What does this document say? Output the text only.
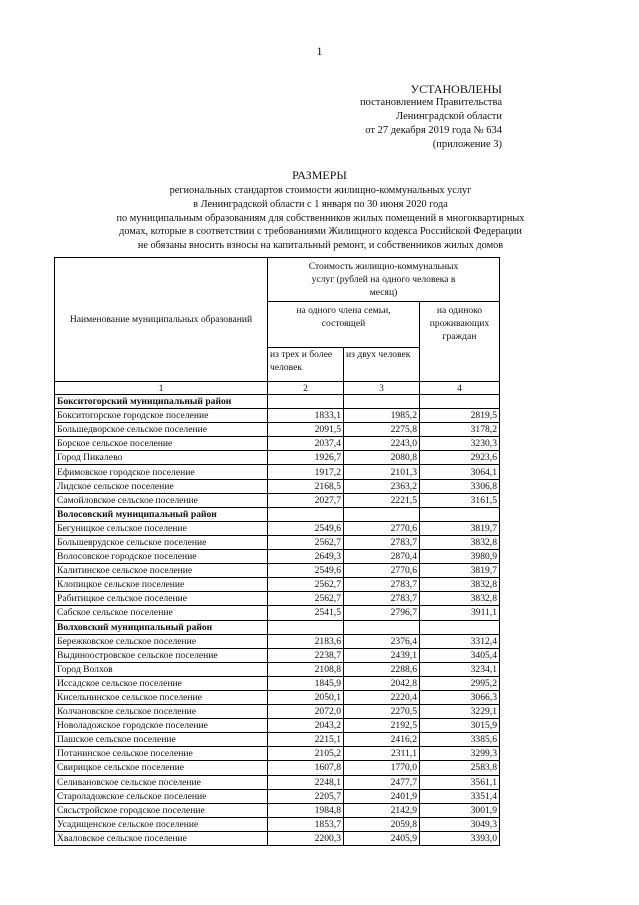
1
УСТАНОВЛЕНЫ
постановлением Правительства
Ленинградской области
от 27 декабря 2019 года № 634
(приложение 3)
РАЗМЕРЫ
региональных стандартов стоимости жилищно-коммунальных услуг
в Ленинградской области с 1 января по 30 июня 2020 года
по муниципальным образованиям для собственников жилых помещений в многоквартирных
домах, которые в соответствии с требованиями Жилищного кодекса Российской Федерации
не обязаны вносить взносы на капитальный ремонт, и собственников жилых домов
Наименование муниципальных образований	Стоимость жилищно-коммунальных услуг (рублей на одного человека в месяц)		
	на одного члена семьи, состоящей		на одиноко проживающих граждан
	из трех и более человек	из двух человек	
1	2	3	4
Бокситогорский муниципальный район			
Бокситогорское городское поселение	1833,1	1985,2	2819,5
Большедворское сельское поселение	2091,5	2275,8	3178,2
Борское сельское поселение	2037,4	2243,0	3230,3
Город Пикалево	1926,7	2080,8	2923,6
Ефимовское городское поселение	1917,2	2101,3	3064,1
Лидское сельское поселение	2168,5	2363,2	3306,8
Самойловское сельское поселение	2027,7	2221,5	3161,5
Волосовский муниципальный район			
Бегуницкое сельское поселение	2549,6	2770,6	3819,7
Большеврудское сельское поселение	2562,7	2783,7	3832,8
Волосовское городское поселение	2649,3	2870,4	3980,9
Калитинское сельское поселение	2549,6	2770,6	3819,7
Клопицкое сельское поселение	2562,7	2783,7	3832,8
Рабитицкое сельское поселение	2562,7	2783,7	3832,8
Сабское сельское поселение	2541,5	2796,7	3911,1
Волховский муниципальный район			
Бережковское сельское поселение	2183,6	2376,4	3312,4
Выдинoостровское сельское поселение	2238,7	2439,1	3405,4
Город Волхов	2108,8	2288,6	3234,1
Иссадское сельское поселение	1845,9	2042,8	2995,2
Кисельнинское сельское поселение	2050,1	2220,4	3066,3
Колчановское сельское поселение	2072,0	2270,5	3229,1
Новоладожское городское поселение	2043,2	2192,5	3015,9
Пашское сельское поселение	2215,1	2416,2	3385,6
Потанинское сельское поселение	2105,2	2311,1	3299,3
Свирицкое сельское поселение	1607,8	1770,0	2583,8
Селивановское сельское поселение	2248,1	2477,7	3561,1
Староладожское сельское поселение	2205,7	2401,9	3351,4
Сясьстройское городское поселение	1984,8	2142,9	3001,9
Усадищенское сельское поселение	1853,7	2059,8	3049,3
Хваловское сельское поселение	2200,3	2405,9	3393,0
